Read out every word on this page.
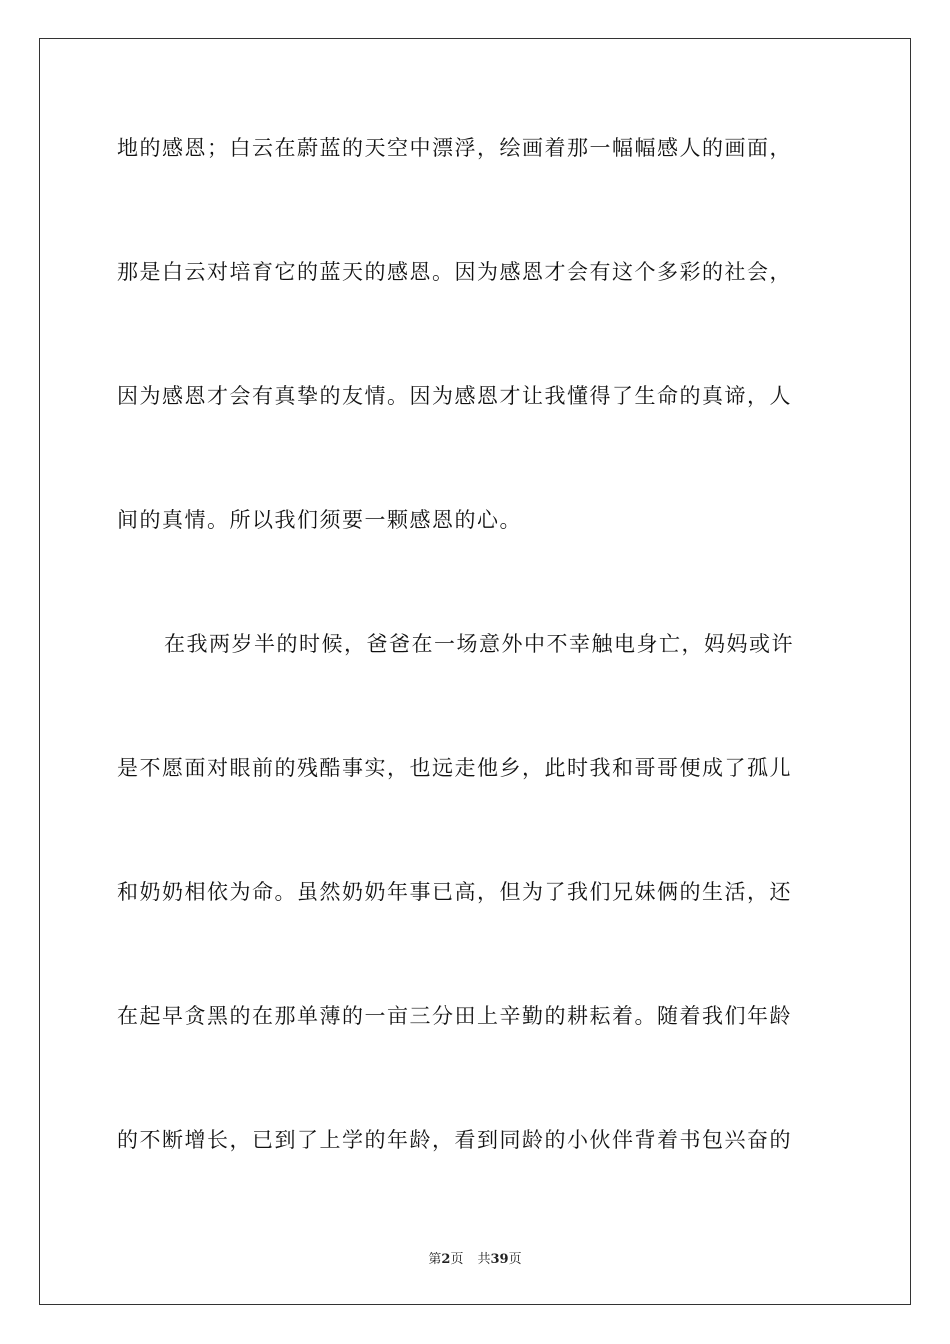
地的感恩；白云在蔚蓝的天空中漂浮，绘画着那一幅幅感人的画面，
那是白云对培育它的蓝天的感恩。因为感恩才会有这个多彩的社会，
因为感恩才会有真挚的友情。因为感恩才让我懂得了生命的真谛，人
间的真情。所以我们须要一颗感恩的心。
在我两岁半的时候，爸爸在一场意外中不幸触电身亡，妈妈或许
是不愿面对眼前的残酷事实，也远走他乡，此时我和哥哥便成了孤儿
和奶奶相依为命。虽然奶奶年事已高，但为了我们兄妹俩的生活，还
在起早贪黑的在那单薄的一亩三分田上辛勤的耕耘着。随着我们年龄
的不断增长，已到了上学的年龄，看到同龄的小伙伴背着书包兴奋的
第2页 共39页
